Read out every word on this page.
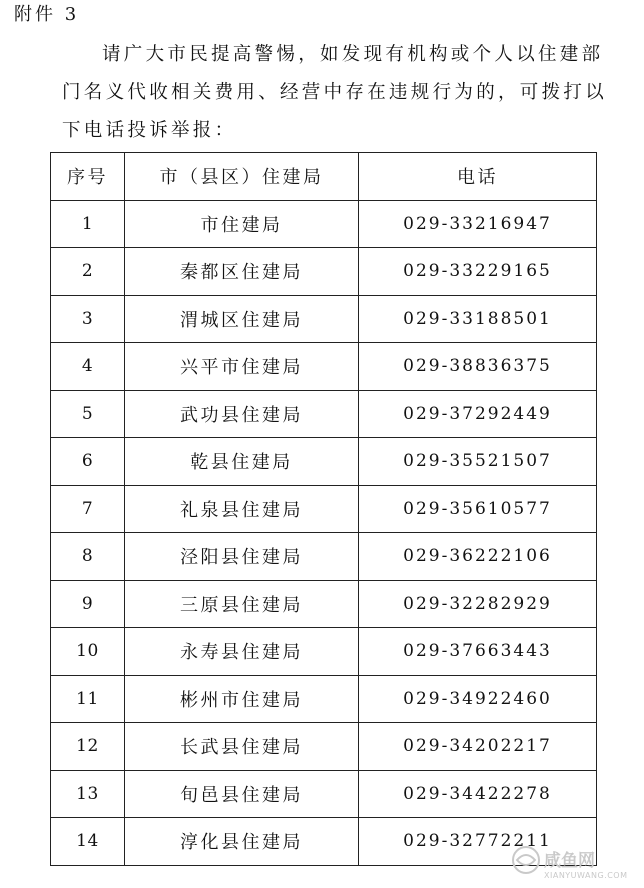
附件 3
请广大市民提高警惕，如发现有机构或个人以住建部
门名义代收相关费用、经营中存在违规行为的，可拨打以
下电话投诉举报：
序号	市（县区）住建局	电话
1	市住建局	029-33216947
2	秦都区住建局	029-33229165
3	渭城区住建局	029-33188501
4	兴平市住建局	029-38836375
5	武功县住建局	029-37292449
6	乾县住建局	029-35521507
7	礼泉县住建局	029-35610577
8	泾阳县住建局	029-36222106
9	三原县住建局	029-32282929
10	永寿县住建局	029-37663443
11	彬州市住建局	029-34922460
12	长武县住建局	029-34202217
13	旬邑县住建局	029-34422278
14	淳化县住建局	029-32772211
咸鱼网
XIANYUWANG.COM
